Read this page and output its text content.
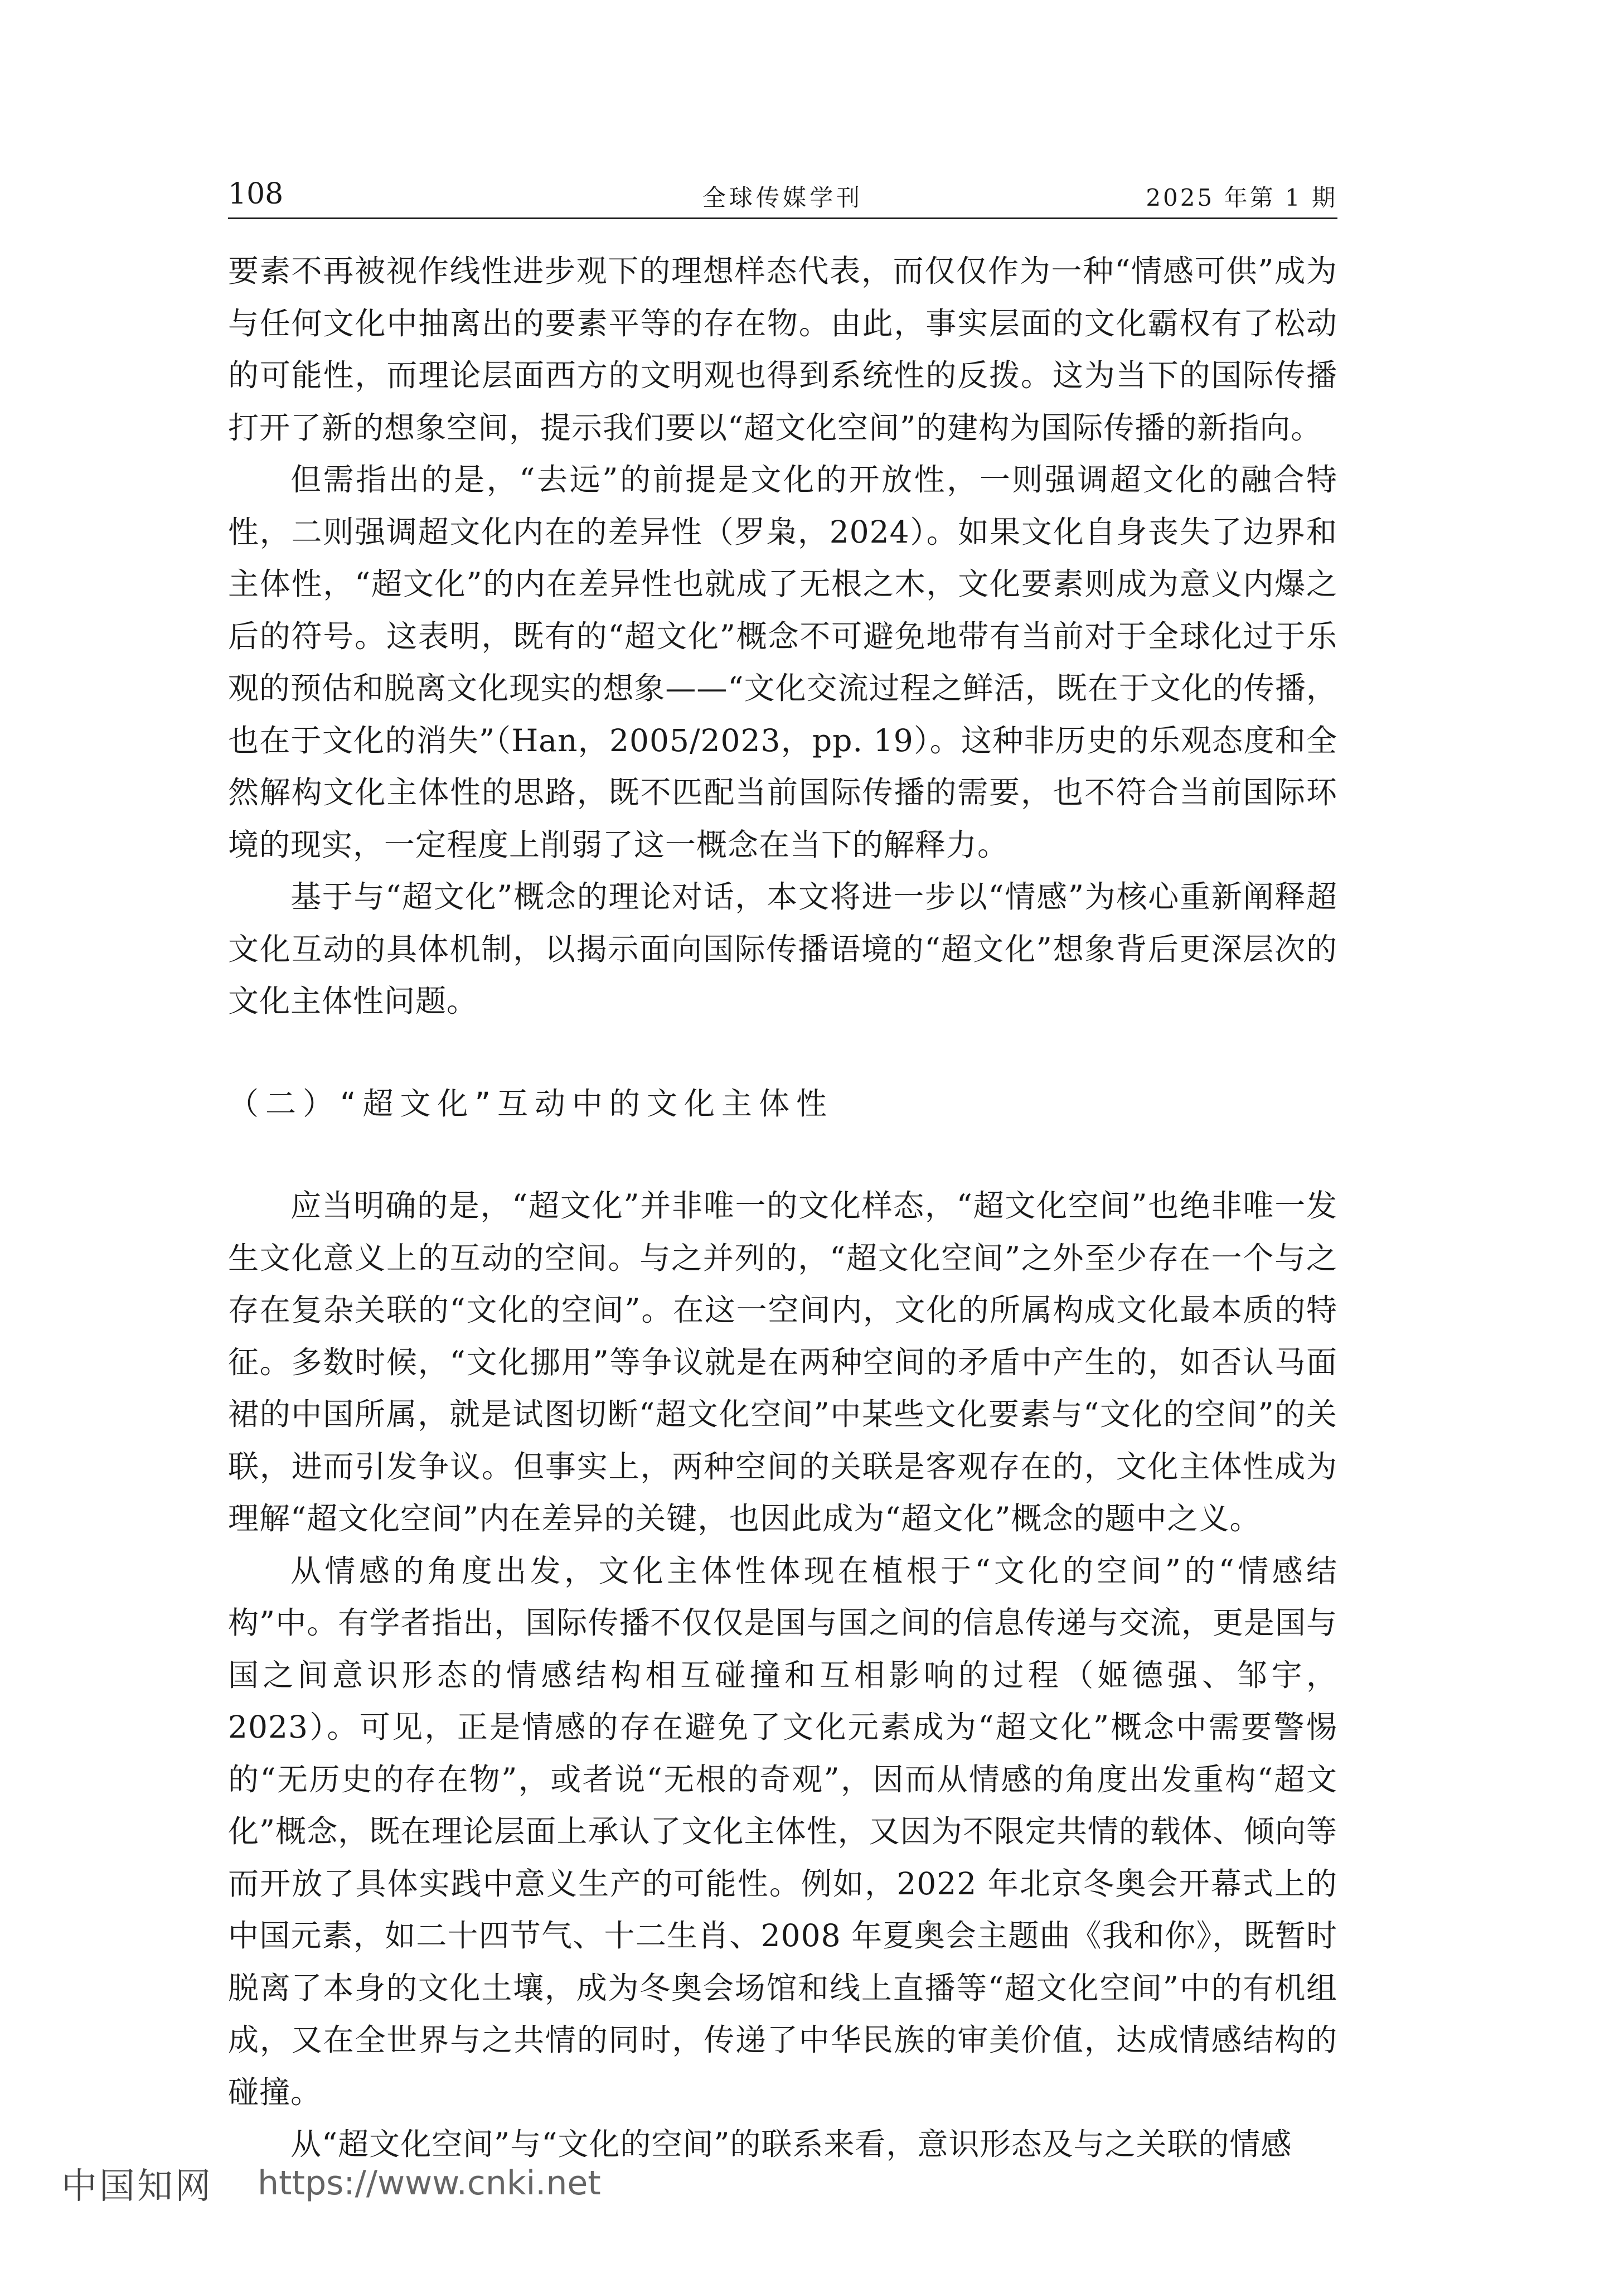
108	全球传媒学刊	2025 年第 1 期

要素不再被视作线性进步观下的理想样态代表，而仅仅作为一种“情感可供”成为与任何文化中抽离出的要素平等的存在物。由此，事实层面的文化霸权有了松动的可能性，而理论层面西方的文明观也得到系统性的反拨。这为当下的国际传播打开了新的想象空间，提示我们要以“超文化空间”的建构为国际传播的新指向。

但需指出的是，“去远”的前提是文化的开放性，一则强调超文化的融合特性，二则强调超文化内在的差异性（罗枭，2024）。如果文化自身丧失了边界和主体性，“超文化”的内在差异性也就成了无根之木，文化要素则成为意义内爆之后的符号。这表明，既有的“超文化”概念不可避免地带有当前对于全球化过于乐观的预估和脱离文化现实的想象——“文化交流过程之鲜活，既在于文化的传播，也在于文化的消失”（Han，2005/2023，pp. 19）。这种非历史的乐观态度和全然解构文化主体性的思路，既不匹配当前国际传播的需要，也不符合当前国际环境的现实，一定程度上削弱了这一概念在当下的解释力。

基于与“超文化”概念的理论对话，本文将进一步以“情感”为核心重新阐释超文化互动的具体机制，以揭示面向国际传播语境的“超文化”想象背后更深层次的文化主体性问题。

（二）“超文化”互动中的文化主体性

应当明确的是，“超文化”并非唯一的文化样态，“超文化空间”也绝非唯一发生文化意义上的互动的空间。与之并列的，“超文化空间”之外至少存在一个与之存在复杂关联的“文化的空间”。在这一空间内，文化的所属构成文化最本质的特征。多数时候，“文化挪用”等争议就是在两种空间的矛盾中产生的，如否认马面裙的中国所属，就是试图切断“超文化空间”中某些文化要素与“文化的空间”的关联，进而引发争议。但事实上，两种空间的关联是客观存在的，文化主体性成为理解“超文化空间”内在差异的关键，也因此成为“超文化”概念的题中之义。

从情感的角度出发，文化主体性体现在植根于“文化的空间”的“情感结构”中。有学者指出，国际传播不仅仅是国与国之间的信息传递与交流，更是国与国之间意识形态的情感结构相互碰撞和互相影响的过程（姬德强、邹宇，2023）。可见，正是情感的存在避免了文化元素成为“超文化”概念中需要警惕的“无历史的存在物”，或者说“无根的奇观”，因而从情感的角度出发重构“超文化”概念，既在理论层面上承认了文化主体性，又因为不限定共情的载体、倾向等而开放了具体实践中意义生产的可能性。例如，2022 年北京冬奥会开幕式上的中国元素，如二十四节气、十二生肖、2008 年夏奥会主题曲《我和你》，既暂时脱离了本身的文化土壤，成为冬奥会场馆和线上直播等“超文化空间”中的有机组成，又在全世界与之共情的同时，传递了中华民族的审美价值，达成情感结构的碰撞。

从“超文化空间”与“文化的空间”的联系来看，意识形态及与之关联的情感

中国知网 https://www.cnki.net
